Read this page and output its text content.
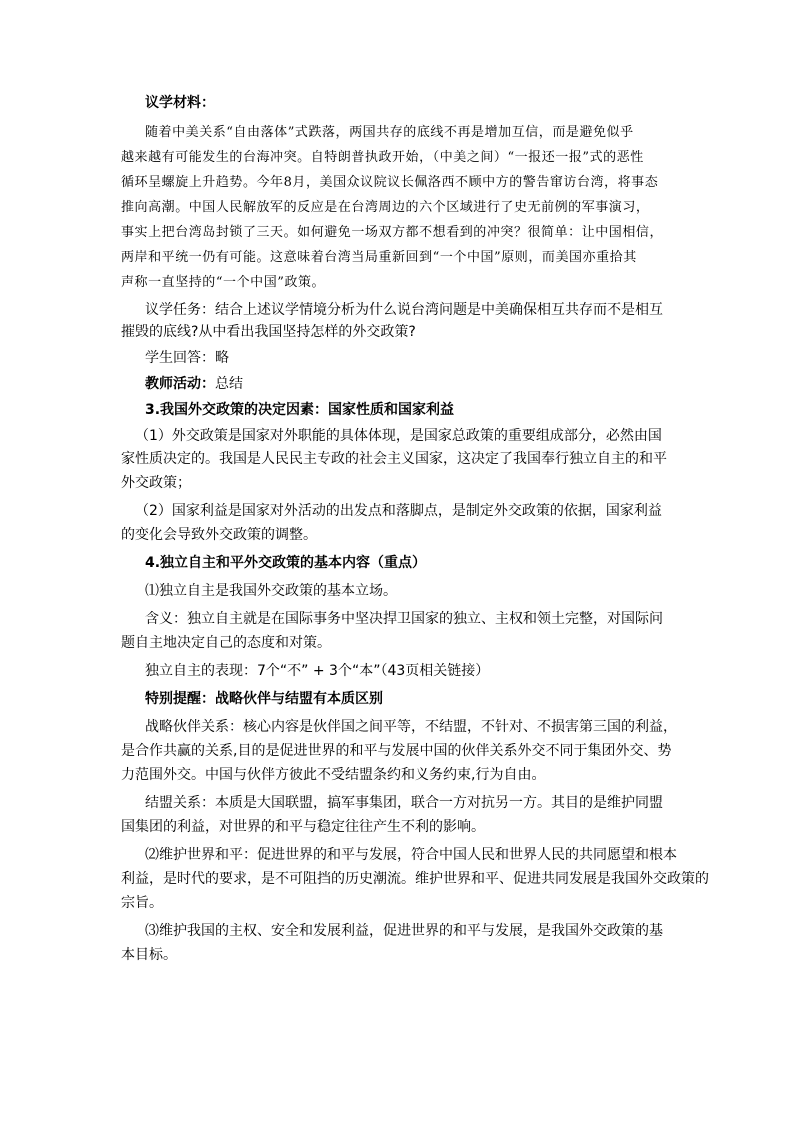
议学材料：
随着中美关系“自由落体”式跌落，两国共存的底线不再是增加互信，而是避免似乎
越来越有可能发生的台海冲突。自特朗普执政开始，（中美之间）“一报还一报”式的恶性
循环呈螺旋上升趋势。今年8月，美国众议院议长佩洛西不顾中方的警告窜访台湾，将事态
推向高潮。中国人民解放军的反应是在台湾周边的六个区域进行了史无前例的军事演习，
事实上把台湾岛封锁了三天。如何避免一场双方都不想看到的冲突？很简单：让中国相信，
两岸和平统一仍有可能。这意味着台湾当局重新回到“一个中国”原则，而美国亦重拾其
声称一直坚持的“一个中国”政策。
议学任务：结合上述议学情境分析为什么说台湾问题是中美确保相互共存而不是相互
摧毁的底线?从中看出我国坚持怎样的外交政策?
学生回答：略
教师活动：总结
3.我国外交政策的决定因素：国家性质和国家利益
（1）外交政策是国家对外职能的具体体现，是国家总政策的重要组成部分，必然由国
家性质决定的。我国是人民民主专政的社会主义国家，这决定了我国奉行独立自主的和平
外交政策；
（2）国家利益是国家对外活动的出发点和落脚点，是制定外交政策的依据，国家利益
的变化会导致外交政策的调整。
4.独立自主和平外交政策的基本内容（重点）
⑴独立自主是我国外交政策的基本立场。
含义：独立自主就是在国际事务中坚决捍卫国家的独立、主权和领土完整，对国际问
题自主地决定自己的态度和对策。
独立自主的表现：7个“不” + 3个“本”（43页相关链接）
特别提醒：战略伙伴与结盟有本质区别
战略伙伴关系：核心内容是伙伴国之间平等，不结盟，不针对、不损害第三国的利益，
是合作共赢的关系,目的是促进世界的和平与发展中国的伙伴关系外交不同于集团外交、势
力范围外交。中国与伙伴方彼此不受结盟条约和义务约束,行为自由。
结盟关系：本质是大国联盟，搞军事集团，联合一方对抗另一方。其目的是维护同盟
国集团的利益，对世界的和平与稳定往往产生不利的影响。
⑵维护世界和平：促进世界的和平与发展，符合中国人民和世界人民的共同愿望和根本
利益，是时代的要求，是不可阻挡的历史潮流。维护世界和平、促进共同发展是我国外交政策的
宗旨。
⑶维护我国的主权、安全和发展利益，促进世界的和平与发展，是我国外交政策的基
本目标。
